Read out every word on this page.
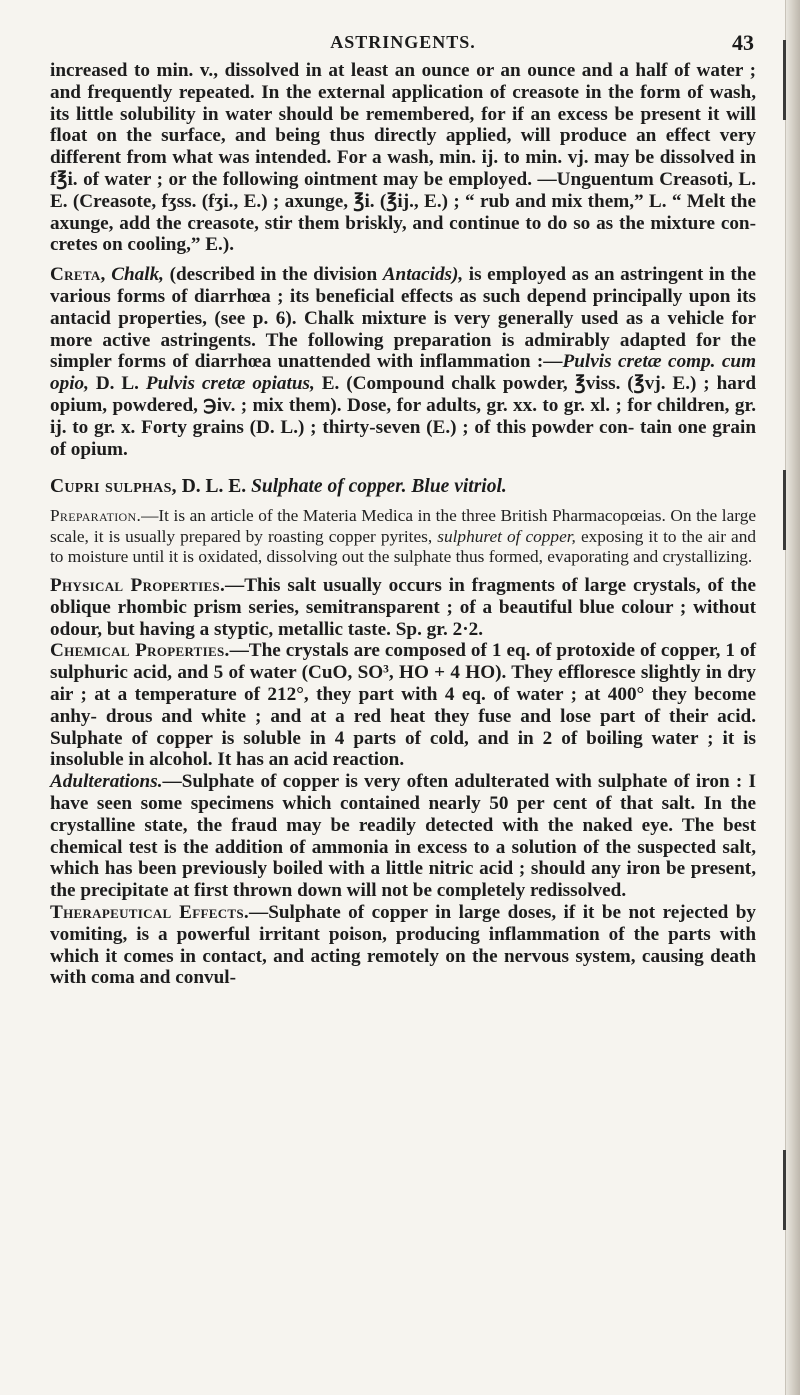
ASTRINGENTS.	43

increased to min. v., dissolved in at least an ounce or an ounce and a half of water ; and frequently repeated. In the external application of creasote in the form of wash, its little solubility in water should be remembered, for if an excess be present it will float on the surface, and being thus directly applied, will produce an effect very different from what was intended. For a wash, min. ij. to min. vj. may be dissolved in f℥i. of water ; or the following ointment may be employed. —Unguentum Creasoti, L. E. (Creasote, fʒss. (fʒi., E.) ; axunge, ℥i. (℥ij., E.) ; “ rub and mix them,” L. “ Melt the axunge, add the creasote, stir them briskly, and continue to do so as the mixture con- cretes on cooling,” E.).

Creta, Chalk, (described in the division Antacids), is employed as an astringent in the various forms of diarrhœa ; its beneficial effects as such depend principally upon its antacid properties, (see p. 6). Chalk mixture is very generally used as a vehicle for more active astringents. The following preparation is admirably adapted for the simpler forms of diarrhœa unattended with inflammation :—Pulvis cretæ comp. cum opio, D. L. Pulvis cretæ opiatus, E. (Compound chalk powder, ℥viss. (℥vj. E.) ; hard opium, powdered, ℈iv. ; mix them). Dose, for adults, gr. xx. to gr. xl. ; for children, gr. ij. to gr. x. Forty grains (D. L.) ; thirty-seven (E.) ; of this powder con- tain one grain of opium.

Cupri sulphas, D. L. E. Sulphate of copper. Blue vitriol.

Preparation.—It is an article of the Materia Medica in the three British Pharmacopœias. On the large scale, it is usually prepared by roasting copper pyrites, sulphuret of copper, exposing it to the air and to moisture until it is oxidated, dissolving out the sulphate thus formed, evaporating and crystallizing.

Physical Properties.—This salt usually occurs in fragments of large crystals, of the oblique rhombic prism series, semitransparent ; of a beautiful blue colour ; without odour, but having a styptic, metallic taste. Sp. gr. 2·2.

Chemical Properties.—The crystals are composed of 1 eq. of protoxide of copper, 1 of sulphuric acid, and 5 of water (CuO, SO³, HO + 4 HO). They effloresce slightly in dry air ; at a temperature of 212°, they part with 4 eq. of water ; at 400° they become anhy- drous and white ; and at a red heat they fuse and lose part of their acid. Sulphate of copper is soluble in 4 parts of cold, and in 2 of boiling water ; it is insoluble in alcohol. It has an acid reaction.

Adulterations.—Sulphate of copper is very often adulterated with sulphate of iron : I have seen some specimens which contained nearly 50 per cent of that salt. In the crystalline state, the fraud may be readily detected with the naked eye. The best chemical test is the addition of ammonia in excess to a solution of the suspected salt, which has been previously boiled with a little nitric acid ; should any iron be present, the precipitate at first thrown down will not be completely redissolved.

Therapeutical Effects.—Sulphate of copper in large doses, if it be not rejected by vomiting, is a powerful irritant poison, producing inflammation of the parts with which it comes in contact, and acting remotely on the nervous system, causing death with coma and convul-
